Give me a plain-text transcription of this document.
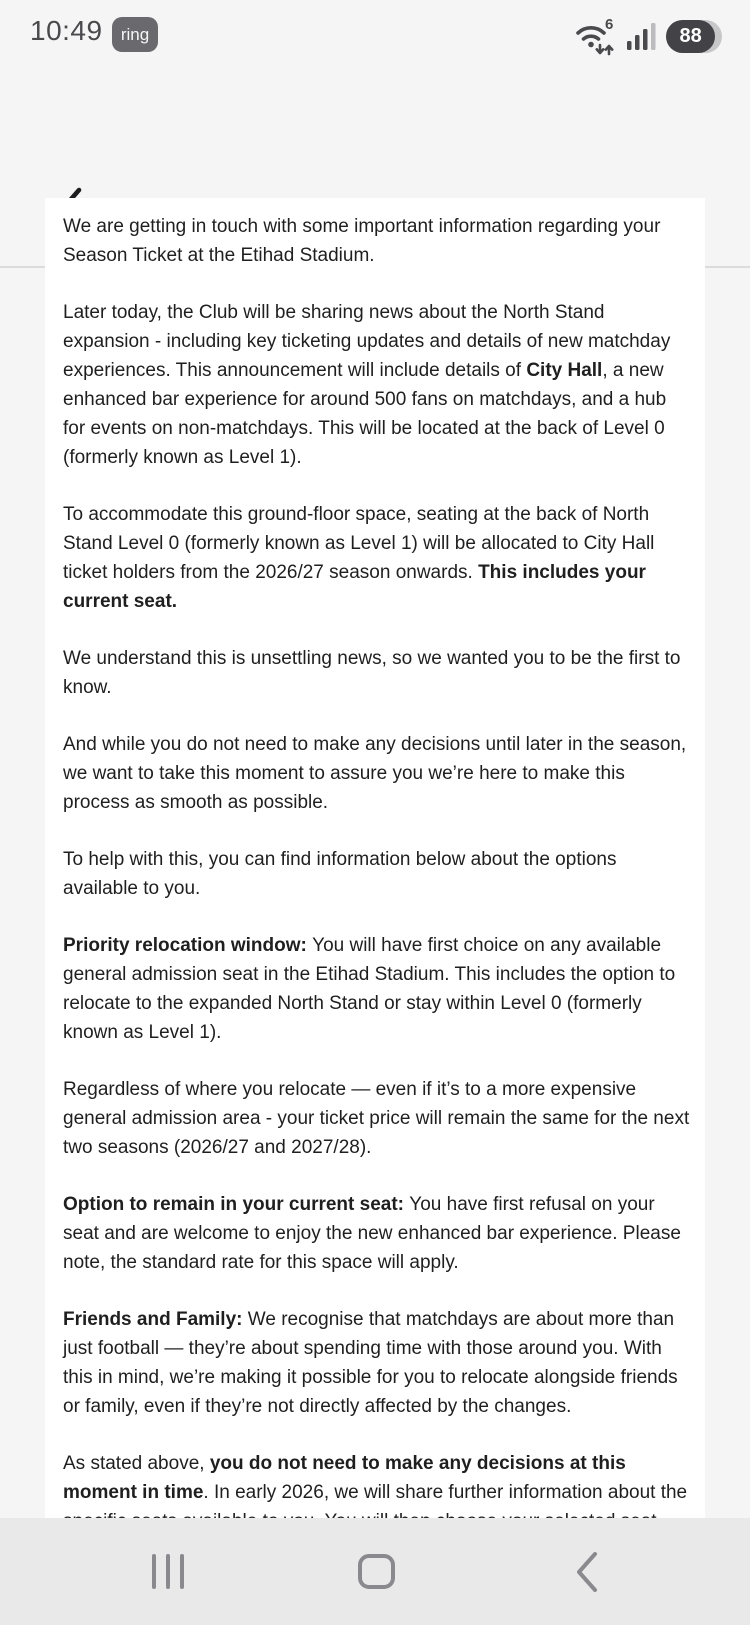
10:49	ring	6	88

We are getting in touch with some important information regarding your Season Ticket at the Etihad Stadium.

Later today, the Club will be sharing news about the North Stand expansion - including key ticketing updates and details of new matchday experiences. This announcement will include details of City Hall, a new enhanced bar experience for around 500 fans on matchdays, and a hub for events on non-matchdays. This will be located at the back of Level 0 (formerly known as Level 1).

To accommodate this ground-floor space, seating at the back of North Stand Level 0 (formerly known as Level 1) will be allocated to City Hall ticket holders from the 2026/27 season onwards. This includes your current seat.

We understand this is unsettling news, so we wanted you to be the first to know.

And while you do not need to make any decisions until later in the season, we want to take this moment to assure you we’re here to make this process as smooth as possible.

To help with this, you can find information below about the options available to you.

Priority relocation window: You will have first choice on any available general admission seat in the Etihad Stadium. This includes the option to relocate to the expanded North Stand or stay within Level 0 (formerly known as Level 1).

Regardless of where you relocate — even if it’s to a more expensive general admission area - your ticket price will remain the same for the next two seasons (2026/27 and 2027/28).

Option to remain in your current seat: You have first refusal on your seat and are welcome to enjoy the new enhanced bar experience. Please note, the standard rate for this space will apply.

Friends and Family: We recognise that matchdays are about more than just football — they’re about spending time with those around you. With this in mind, we’re making it possible for you to relocate alongside friends or family, even if they’re not directly affected by the changes.

As stated above, you do not need to make any decisions at this moment in time. In early 2026, we will share further information about the
